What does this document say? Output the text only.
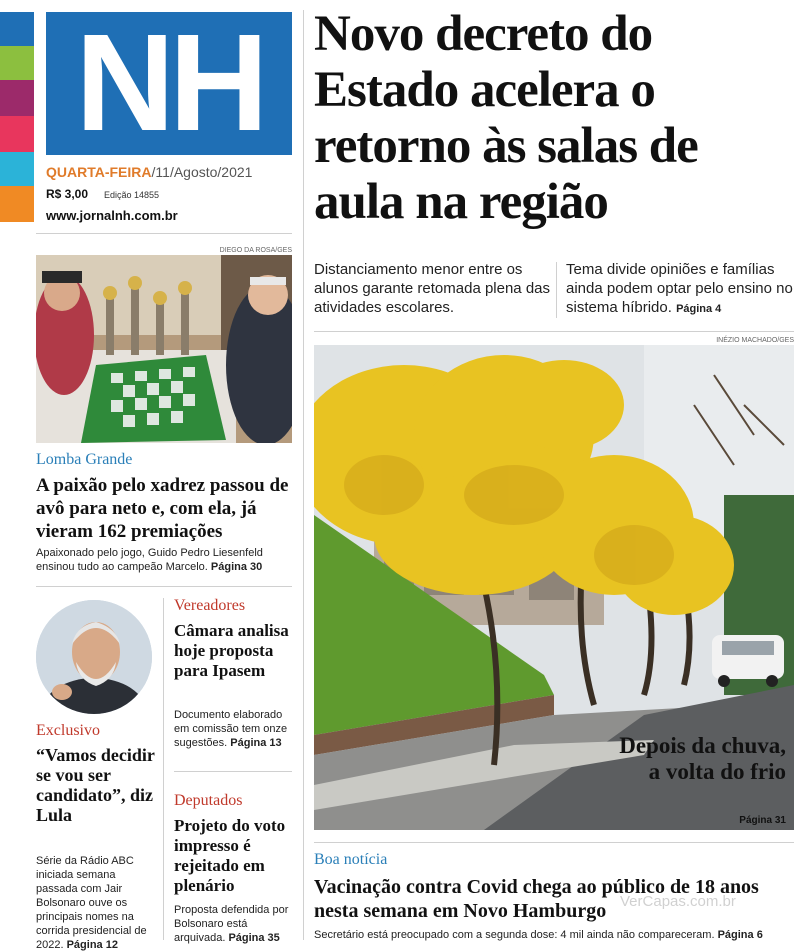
NH
QUARTA-FEIRA/11/Agosto/2021
R$ 3,00 Edição 14855
www.jornalnh.com.br
Novo decreto do Estado acelera o retorno às salas de aula na região
Distanciamento menor entre os alunos garante retomada plena das atividades escolares.
Tema divide opiniões e famílias ainda podem optar pelo ensino no sistema híbrido. Página 4
DIEGO DA ROSA/GES
Lomba Grande
A paixão pelo xadrez passou de avô para neto e, com ela, já vieram 162 premiações
Apaixonado pelo jogo, Guido Pedro Liesenfeld ensinou tudo ao campeão Marcelo. Página 30
Exclusivo
“Vamos decidir se vou ser candidato”, diz Lula
Série da Rádio ABC iniciada semana passada com Jair Bolsonaro ouve os principais nomes na corrida presidencial de 2022. Página 12
Vereadores
Câmara analisa hoje proposta para Ipasem
Documento elaborado em comissão tem onze sugestões. Página 13
Deputados
Projeto do voto impresso é rejeitado em plenário
Proposta defendida por Bolsonaro está arquivada. Página 35
INÉZIO MACHADO/GES
Depois da chuva, a volta do frio
Página 31
Boa notícia
Vacinação contra Covid chega ao público de 18 anos nesta semana em Novo Hamburgo
Secretário está preocupado com a segunda dose: 4 mil ainda não compareceram. Página 6
VerCapas.com.br
